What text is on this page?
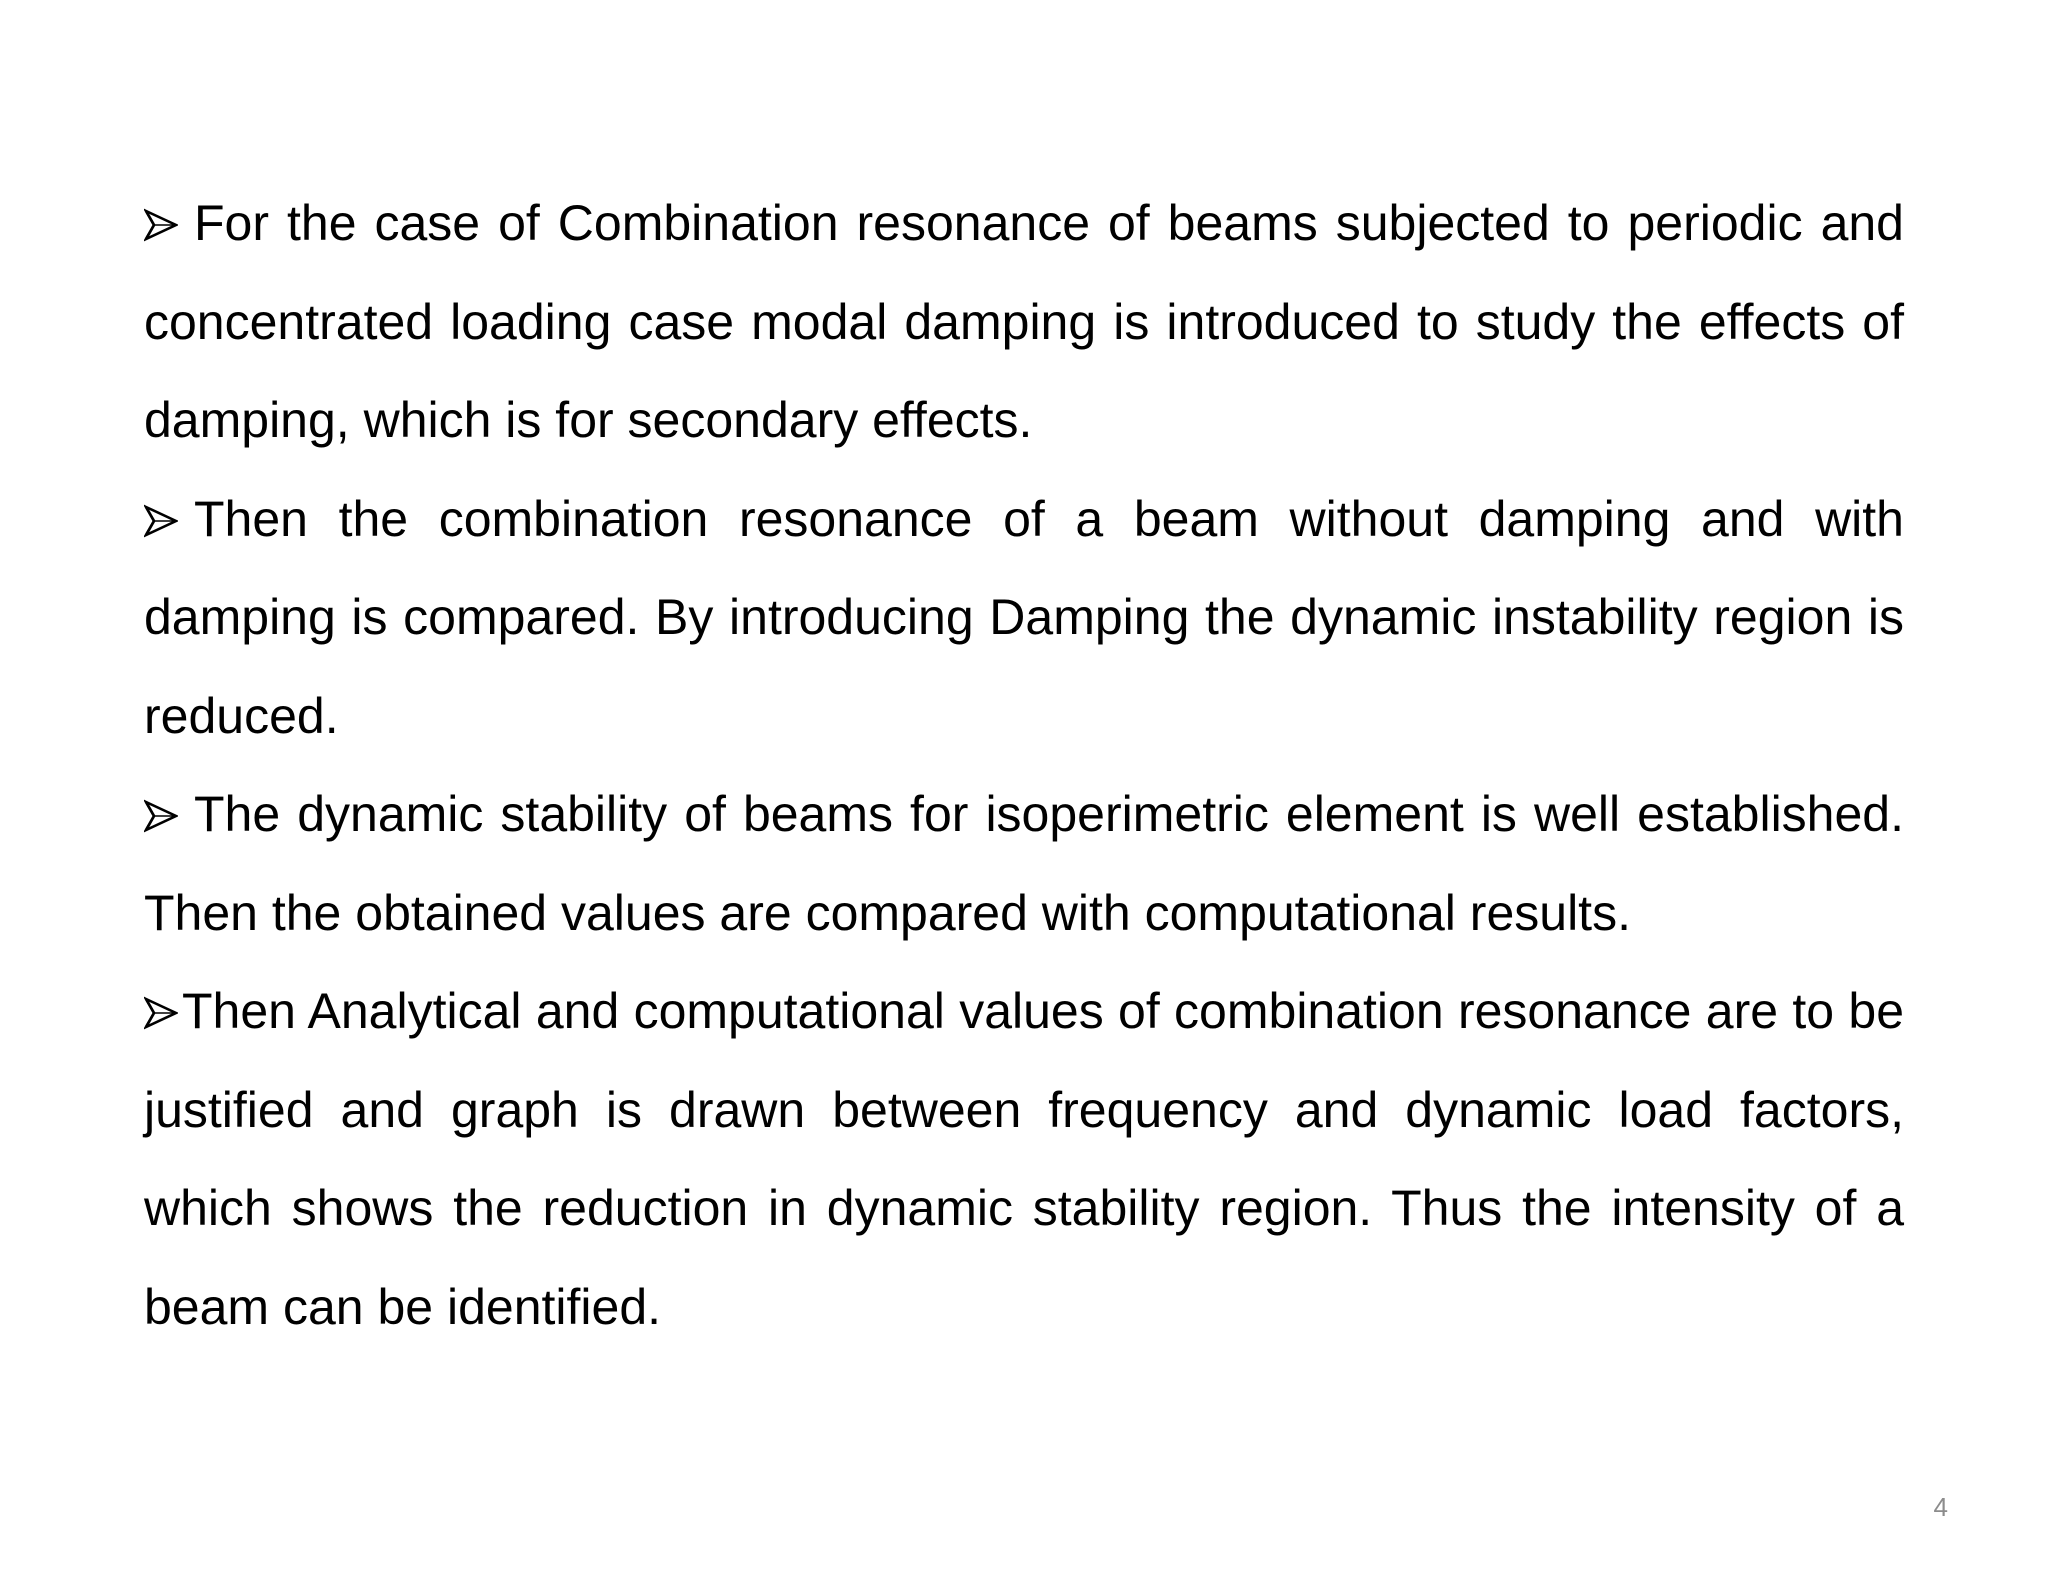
For the case of Combination resonance of beams subjected to periodic and concentrated loading case modal damping is introduced to study the effects of damping, which is for secondary effects.

Then the combination resonance of a beam without damping and with damping is compared. By introducing Damping the dynamic instability region is reduced.

The dynamic stability of beams for isoperimetric element is well established. Then the obtained values are compared with computational results.

Then Analytical and computational values of combination resonance are to be justified and graph is drawn between frequency and dynamic load factors, which shows the reduction in dynamic stability region. Thus the intensity of a beam can be identified.

4
